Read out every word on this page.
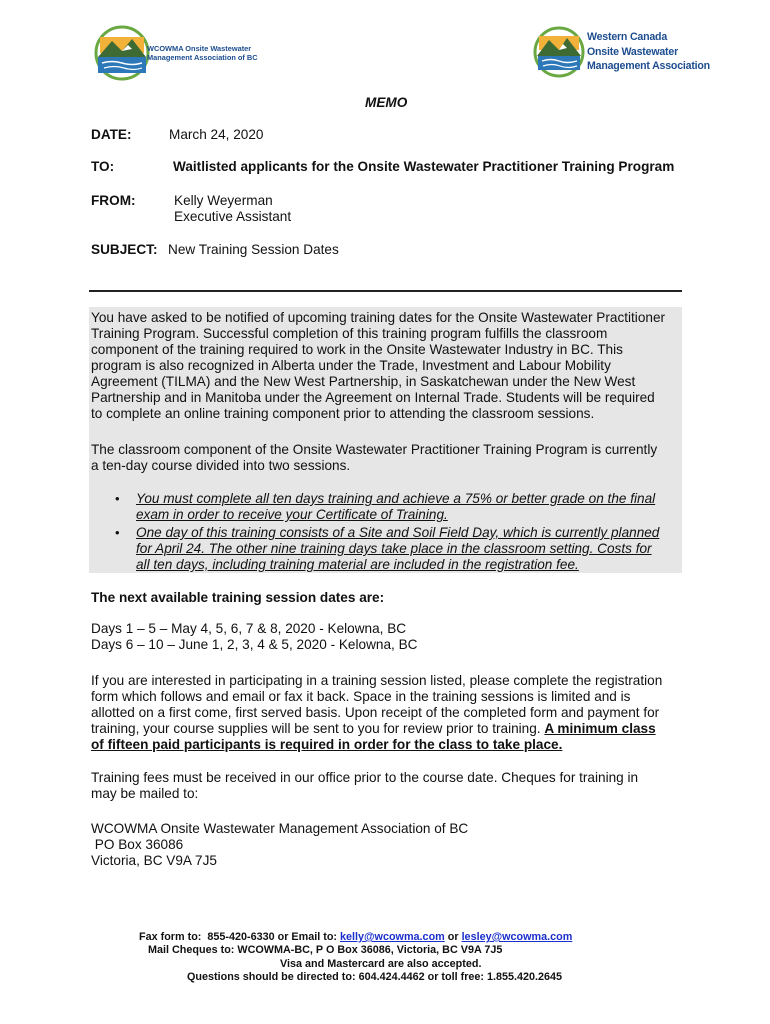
WCOWMA Onsite Wastewater
Management Association of BC
Western Canada
Onsite Wastewater
Management Association
MEMO
DATE:	March 24, 2020
TO:	Waitlisted applicants for the Onsite Wastewater Practitioner Training Program
FROM:	Kelly Weyerman
Executive Assistant
SUBJECT: New Training Session Dates
You have asked to be notified of upcoming training dates for the Onsite Wastewater Practitioner
Training Program. Successful completion of this training program fulfills the classroom
component of the training required to work in the Onsite Wastewater Industry in BC. This
program is also recognized in Alberta under the Trade, Investment and Labour Mobility
Agreement (TILMA) and the New West Partnership, in Saskatchewan under the New West
Partnership and in Manitoba under the Agreement on Internal Trade. Students will be required
to complete an online training component prior to attending the classroom sessions.
The classroom component of the Onsite Wastewater Practitioner Training Program is currently
a ten-day course divided into two sessions.
• You must complete all ten days training and achieve a 75% or better grade on the final
exam in order to receive your Certificate of Training.
• One day of this training consists of a Site and Soil Field Day, which is currently planned
for April 24. The other nine training days take place in the classroom setting. Costs for
all ten days, including training material are included in the registration fee.
The next available training session dates are:
Days 1 – 5 – May 4, 5, 6, 7 & 8, 2020 - Kelowna, BC
Days 6 – 10 – June 1, 2, 3, 4 & 5, 2020 - Kelowna, BC
If you are interested in participating in a training session listed, please complete the registration
form which follows and email or fax it back. Space in the training sessions is limited and is
allotted on a first come, first served basis. Upon receipt of the completed form and payment for
training, your course supplies will be sent to you for review prior to training. A minimum class
of fifteen paid participants is required in order for the class to take place.
Training fees must be received in our office prior to the course date. Cheques for training in
may be mailed to:
WCOWMA Onsite Wastewater Management Association of BC
PO Box 36086
Victoria, BC V9A 7J5
Fax form to:  855-420-6330 or Email to: kelly@wcowma.com or lesley@wcowma.com
Mail Cheques to: WCOWMA-BC, P O Box 36086, Victoria, BC V9A 7J5
Visa and Mastercard are also accepted.
Questions should be directed to: 604.424.4462 or toll free: 1.855.420.2645
